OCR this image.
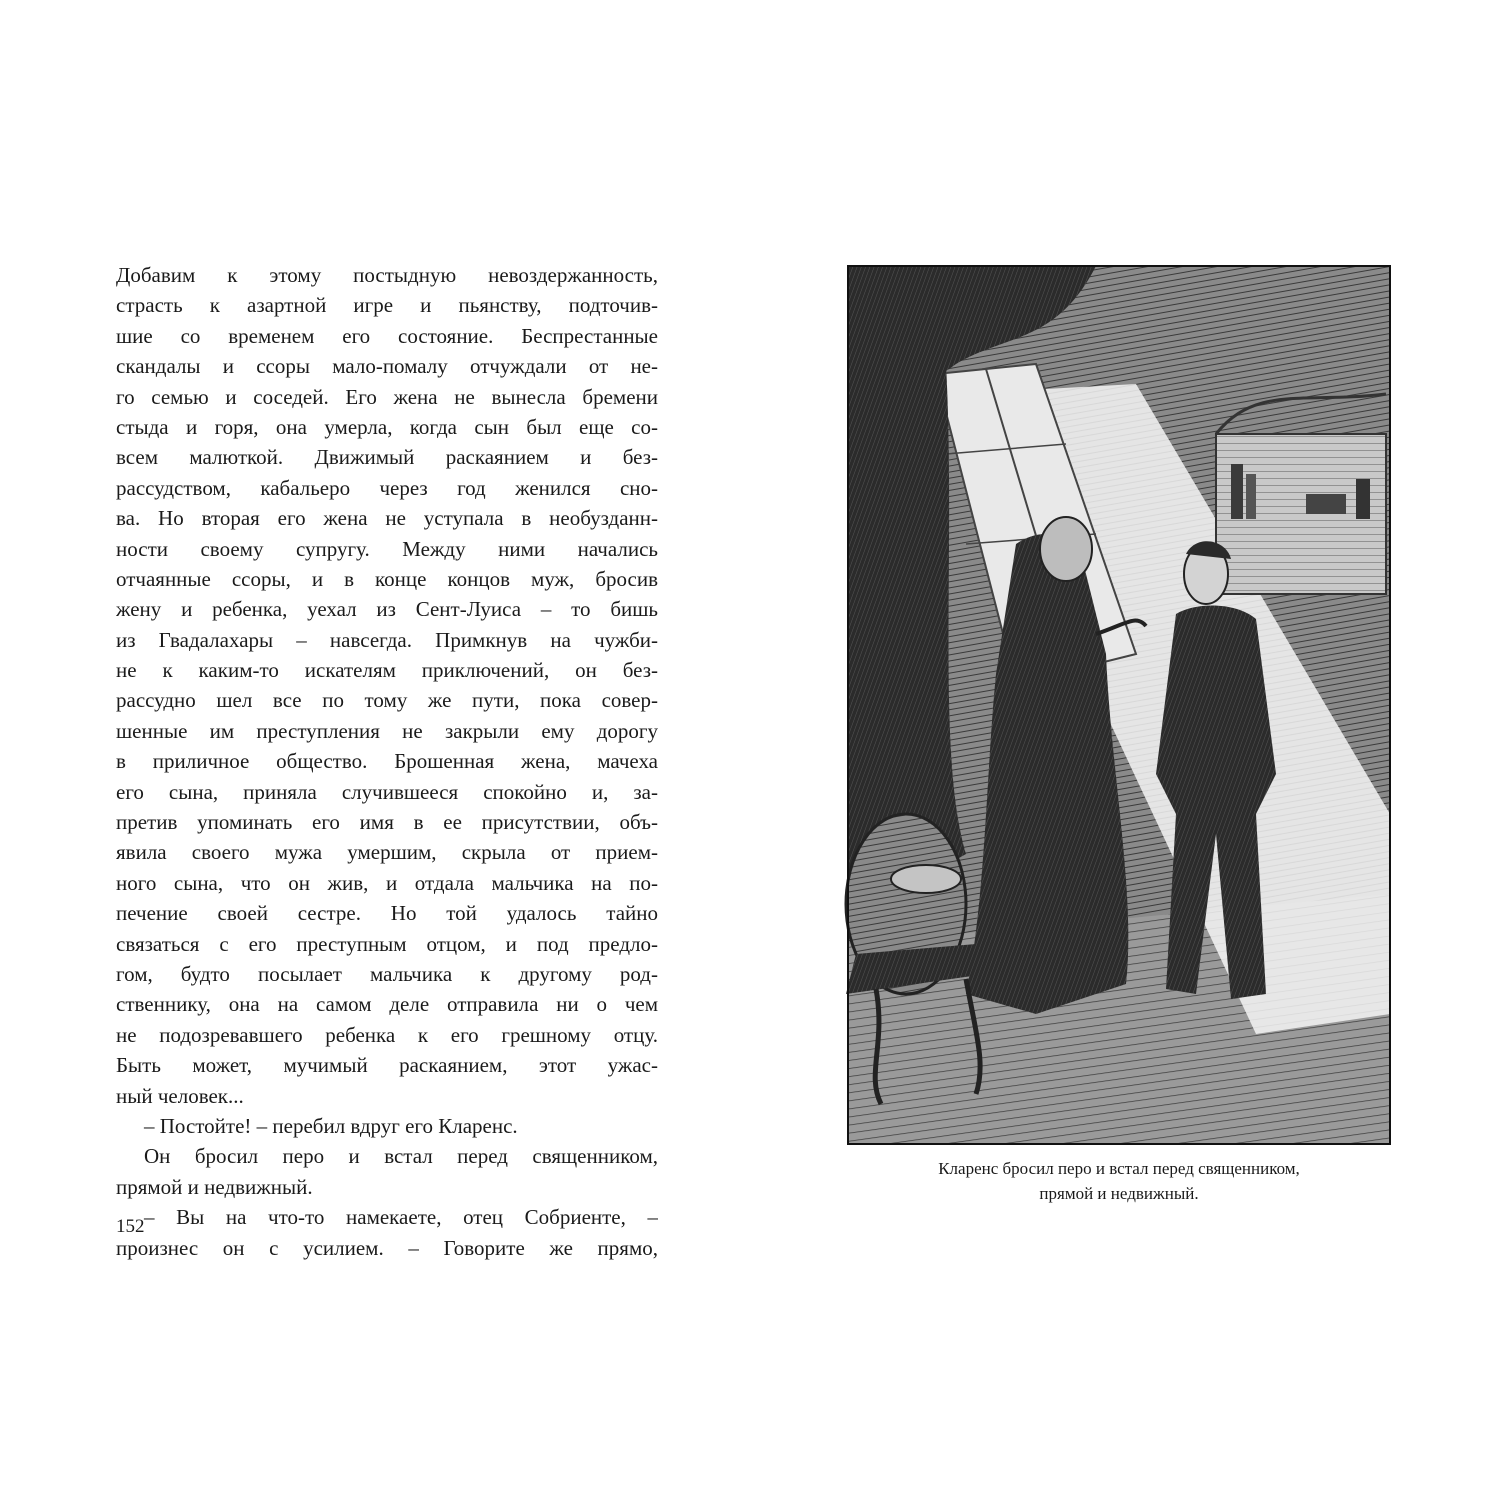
Добавим к этому постыдную невоздержанность,
страсть к азартной игре и пьянству, подточив-
шие со временем его состояние. Беспрестанные
скандалы и ссоры мало-помалу отчуждали от не-
го семью и соседей. Его жена не вынесла бремени
стыда и горя, она умерла, когда сын был еще со-
всем малюткой. Движимый раскаянием и без-
рассудством, кабальеро через год женился сно-
ва. Но вторая его жена не уступала в необузданн-
ности своему супругу. Между ними начались
отчаянные ссоры, и в конце концов муж, бросив
жену и ребенка, уехал из Сент-Луиса – то бишь
из Гвадалахары – навсегда. Примкнув на чужби-
не к каким-то искателям приключений, он без-
рассудно шел все по тому же пути, пока совер-
шенные им преступления не закрыли ему дорогу
в приличное общество. Брошенная жена, мачеха
его сына, приняла случившееся спокойно и, за-
претив упоминать его имя в ее присутствии, объ-
явила своего мужа умершим, скрыла от прием-
ного сына, что он жив, и отдала мальчика на по-
печение своей сестре. Но той удалось тайно
связаться с его преступным отцом, и под предло-
гом, будто посылает мальчика к другому род-
ственнику, она на самом деле отправила ни о чем
не подозревавшего ребенка к его грешному отцу.
Быть может, мучимый раскаянием, этот ужас-
ный человек...
– Постойте! – перебил вдруг его Кларенс.
Он бросил перо и встал перед священником,
прямой и недвижный.
– Вы на что-то намекаете, отец Собриенте, –
произнес он с усилием. – Говорите же прямо,
152
Кларенс бросил перо и встал перед священником,
прямой и недвижный.
